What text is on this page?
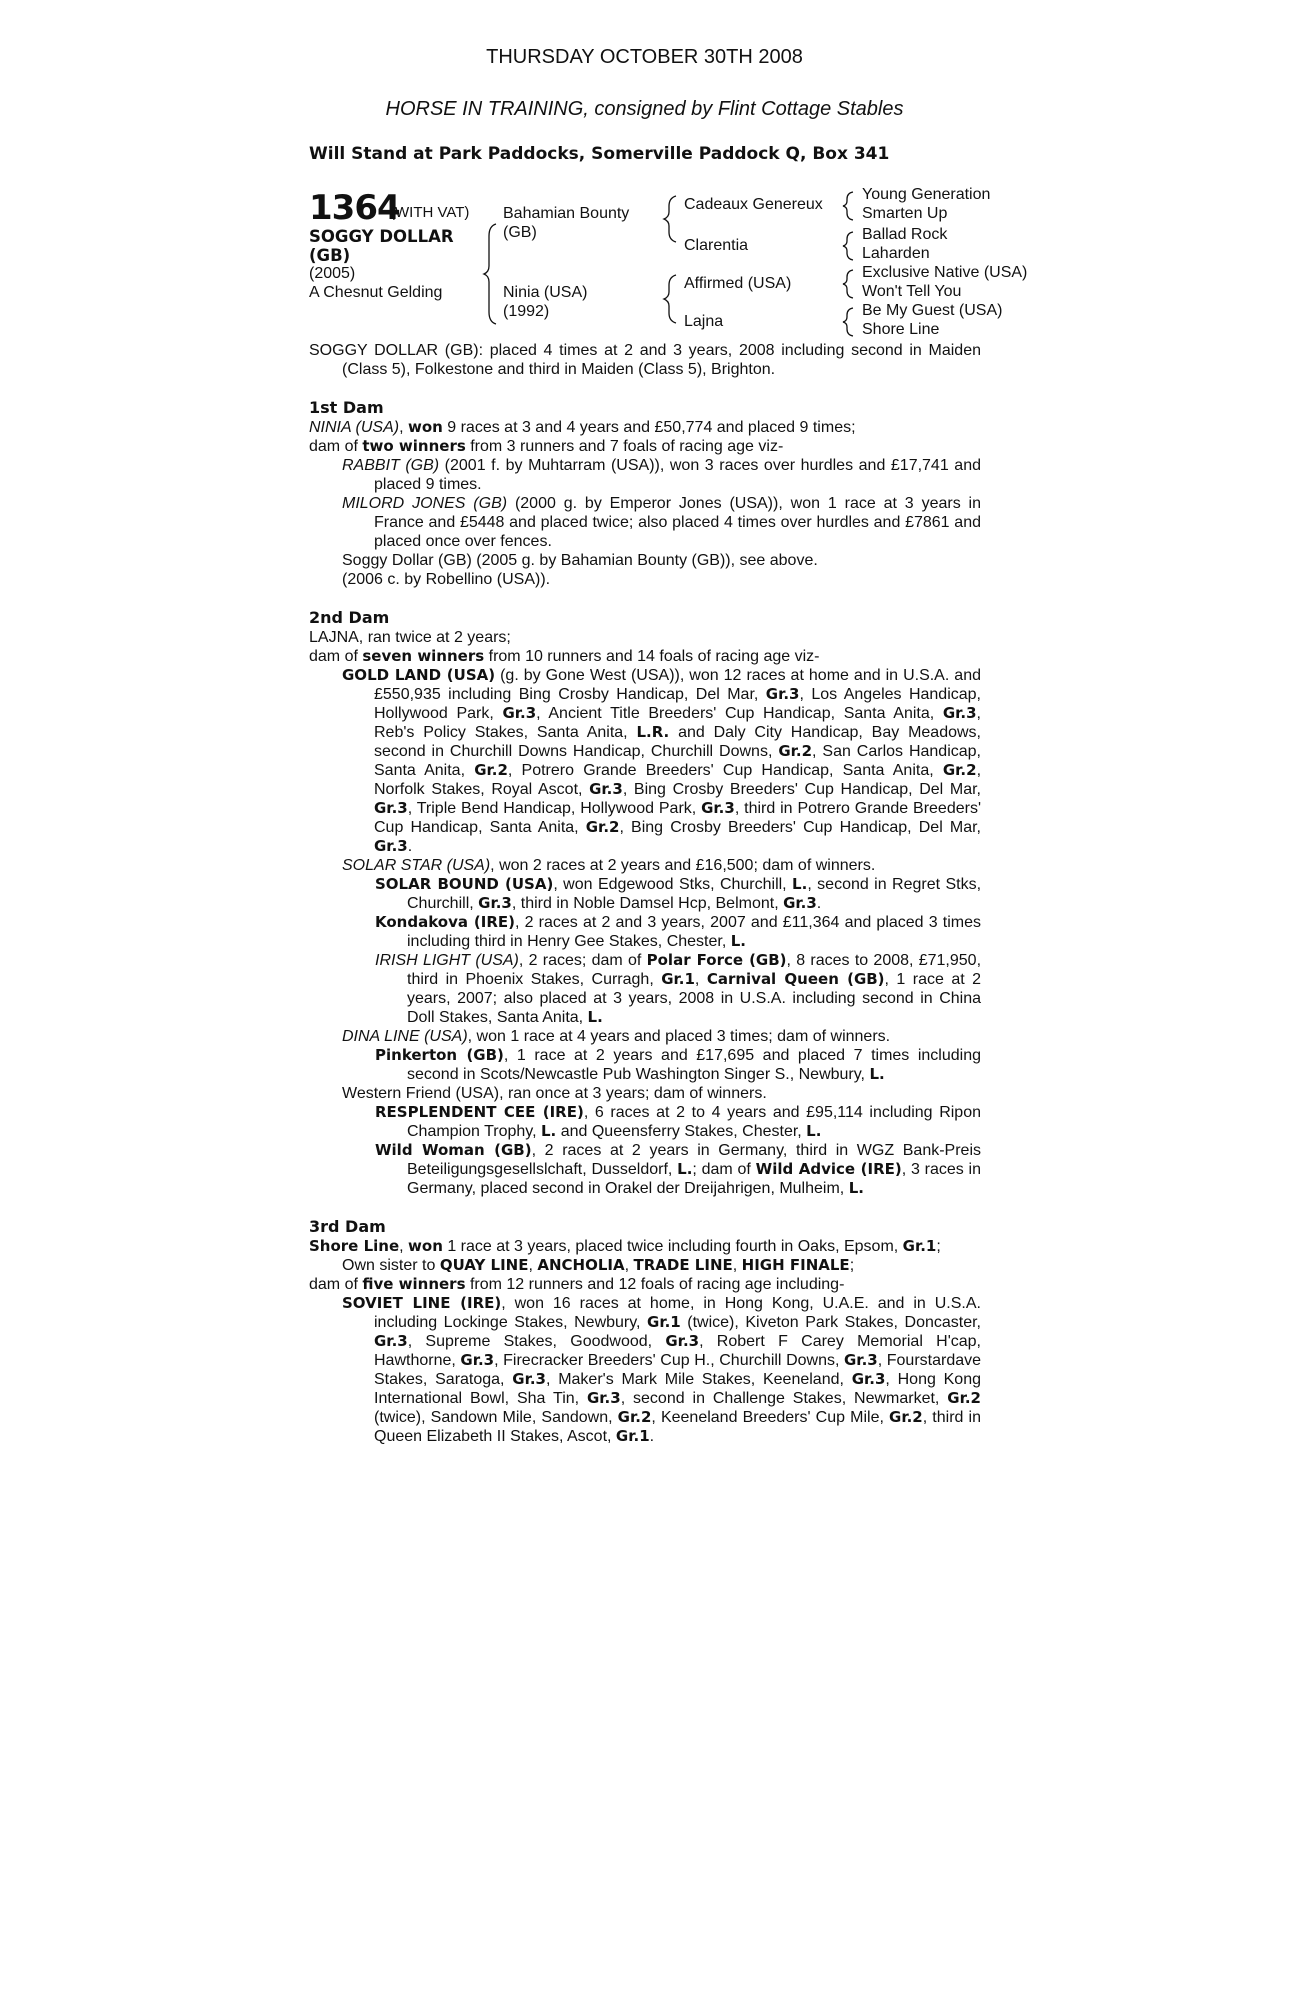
THURSDAY OCTOBER 30TH 2008
HORSE IN TRAINING, consigned by Flint Cottage Stables
Will Stand at Park Paddocks, Somerville Paddock Q, Box 341
1364
(WITH VAT)
SOGGY DOLLAR
(GB)
(2005)
A Chesnut Gelding
Bahamian Bounty
(GB)
Ninia (USA)
(1992)
Cadeaux Genereux
Clarentia
Affirmed (USA)
Lajna
Young Generation
Smarten Up
Ballad Rock
Laharden
Exclusive Native (USA)
Won't Tell You
Be My Guest (USA)
Shore Line

SOGGY DOLLAR (GB): placed 4 times at 2 and 3 years, 2008 including second in Maiden (Class 5), Folkestone and third in Maiden (Class 5), Brighton.

1st Dam

NINIA (USA), won 9 races at 3 and 4 years and £50,774 and placed 9 times;

dam of two winners from 3 runners and 7 foals of racing age viz-

RABBIT (GB) (2001 f. by Muhtarram (USA)), won 3 races over hurdles and £17,741 and placed 9 times.

MILORD JONES (GB) (2000 g. by Emperor Jones (USA)), won 1 race at 3 years in France and £5448 and placed twice; also placed 4 times over hurdles and £7861 and placed once over fences.

Soggy Dollar (GB) (2005 g. by Bahamian Bounty (GB)), see above.

(2006 c. by Robellino (USA)).

2nd Dam

LAJNA, ran twice at 2 years;

dam of seven winners from 10 runners and 14 foals of racing age viz-

GOLD LAND (USA) (g. by Gone West (USA)), won 12 races at home and in U.S.A. and £550,935 including Bing Crosby Handicap, Del Mar, Gr.3, Los Angeles Handicap, Hollywood Park, Gr.3, Ancient Title Breeders' Cup Handicap, Santa Anita, Gr.3, Reb's Policy Stakes, Santa Anita, L.R. and Daly City Handicap, Bay Meadows, second in Churchill Downs Handicap, Churchill Downs, Gr.2, San Carlos Handicap, Santa Anita, Gr.2, Potrero Grande Breeders' Cup Handicap, Santa Anita, Gr.2, Norfolk Stakes, Royal Ascot, Gr.3, Bing Crosby Breeders' Cup Handicap, Del Mar, Gr.3, Triple Bend Handicap, Hollywood Park, Gr.3, third in Potrero Grande Breeders' Cup Handicap, Santa Anita, Gr.2, Bing Crosby Breeders' Cup Handicap, Del Mar, Gr.3.

SOLAR STAR (USA), won 2 races at 2 years and £16,500; dam of winners.

SOLAR BOUND (USA), won Edgewood Stks, Churchill, L., second in Regret Stks, Churchill, Gr.3, third in Noble Damsel Hcp, Belmont, Gr.3.

Kondakova (IRE), 2 races at 2 and 3 years, 2007 and £11,364 and placed 3 times including third in Henry Gee Stakes, Chester, L.

IRISH LIGHT (USA), 2 races; dam of Polar Force (GB), 8 races to 2008, £71,950, third in Phoenix Stakes, Curragh, Gr.1, Carnival Queen (GB), 1 race at 2 years, 2007; also placed at 3 years, 2008 in U.S.A. including second in China Doll Stakes, Santa Anita, L.

DINA LINE (USA), won 1 race at 4 years and placed 3 times; dam of winners.

Pinkerton (GB), 1 race at 2 years and £17,695 and placed 7 times including second in Scots/Newcastle Pub Washington Singer S., Newbury, L.

Western Friend (USA), ran once at 3 years; dam of winners.

RESPLENDENT CEE (IRE), 6 races at 2 to 4 years and £95,114 including Ripon Champion Trophy, L. and Queensferry Stakes, Chester, L.

Wild Woman (GB), 2 races at 2 years in Germany, third in WGZ Bank-Preis Beteiligungsgesellslchaft, Dusseldorf, L.; dam of Wild Advice (IRE), 3 races in Germany, placed second in Orakel der Dreijahrigen, Mulheim, L.

3rd Dam

Shore Line, won 1 race at 3 years, placed twice including fourth in Oaks, Epsom, Gr.1;

Own sister to QUAY LINE, ANCHOLIA, TRADE LINE, HIGH FINALE;

dam of five winners from 12 runners and 12 foals of racing age including-

SOVIET LINE (IRE), won 16 races at home, in Hong Kong, U.A.E. and in U.S.A. including Lockinge Stakes, Newbury, Gr.1 (twice), Kiveton Park Stakes, Doncaster, Gr.3, Supreme Stakes, Goodwood, Gr.3, Robert F Carey Memorial H'cap, Hawthorne, Gr.3, Firecracker Breeders' Cup H., Churchill Downs, Gr.3, Fourstardave Stakes, Saratoga, Gr.3, Maker's Mark Mile Stakes, Keeneland, Gr.3, Hong Kong International Bowl, Sha Tin, Gr.3, second in Challenge Stakes, Newmarket, Gr.2 (twice), Sandown Mile, Sandown, Gr.2, Keeneland Breeders' Cup Mile, Gr.2, third in Queen Elizabeth II Stakes, Ascot, Gr.1.
